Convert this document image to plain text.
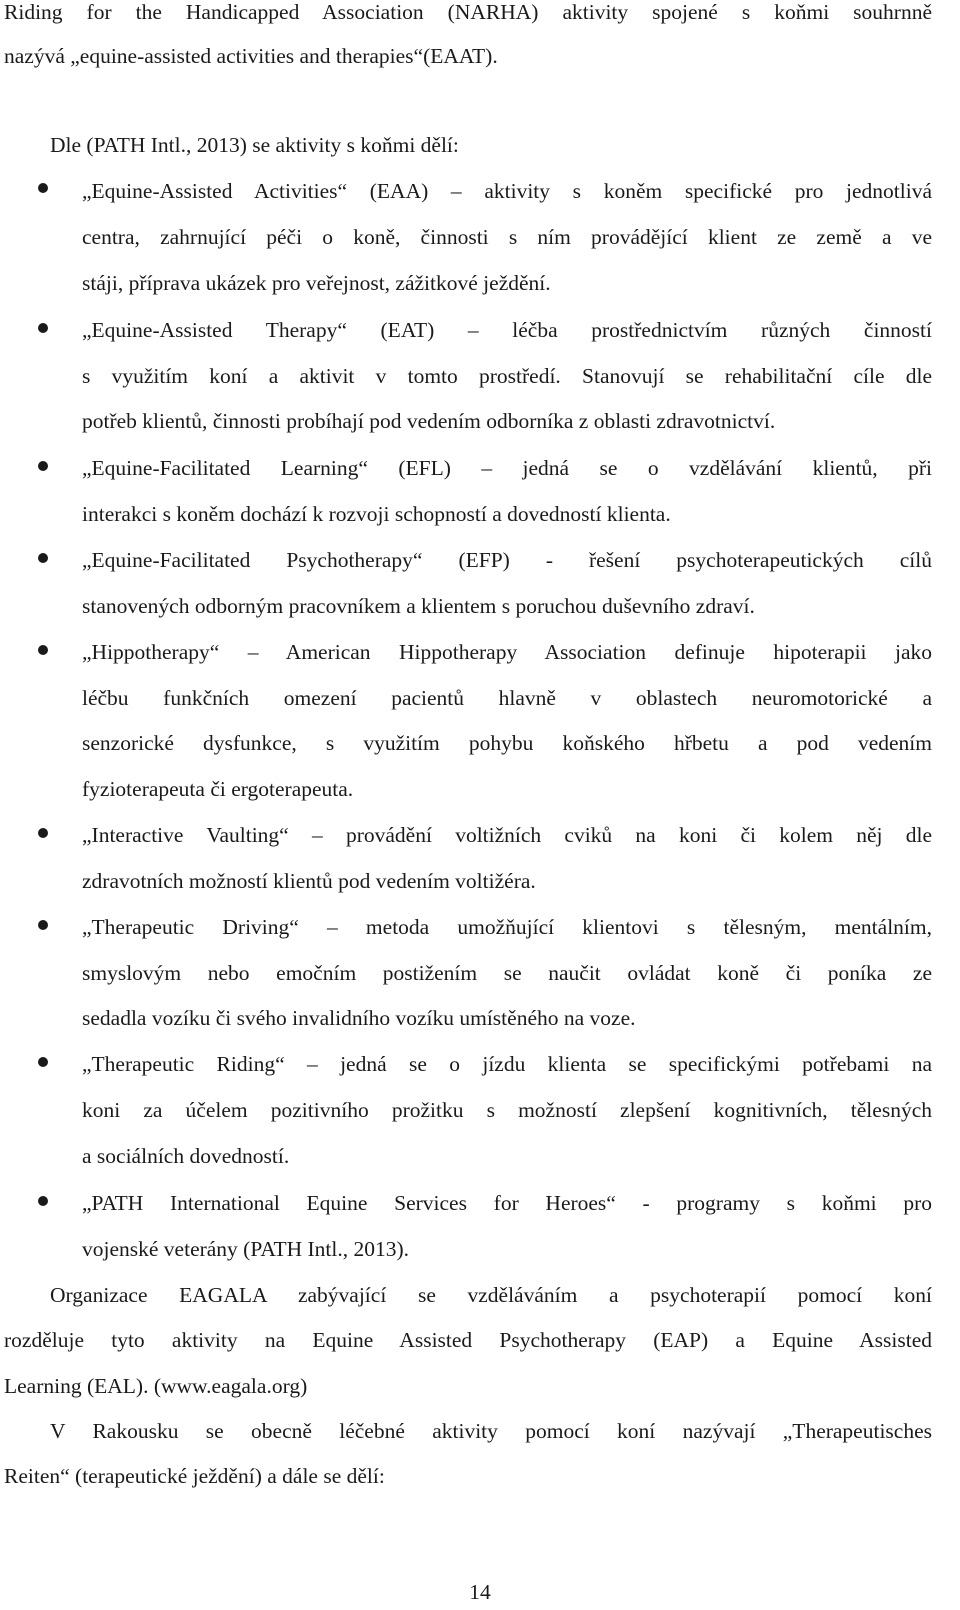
Riding for the Handicapped Association (NARHA) aktivity spojené s koňmi souhrnně
nazývá „equine-assisted activities and therapies“(EAAT).
Dle (PATH Intl., 2013) se aktivity s koňmi dělí:
„Equine-Assisted Activities“ (EAA) – aktivity s koněm specifické pro jednotlivá
centra, zahrnující péči o koně, činnosti s ním provádějící klient ze země a ve
stáji, příprava ukázek pro veřejnost, zážitkové ježdění.
„Equine-Assisted Therapy“ (EAT) – léčba prostřednictvím různých činností
s využitím koní a aktivit v tomto prostředí. Stanovují se rehabilitační cíle dle
potřeb klientů, činnosti probíhají pod vedením odborníka z oblasti zdravotnictví.
„Equine-Facilitated Learning“ (EFL) – jedná se o vzdělávání klientů, při
interakci s koněm dochází k rozvoji schopností a dovedností klienta.
„Equine-Facilitated Psychotherapy“ (EFP) - řešení psychoterapeutických cílů
stanovených odborným pracovníkem a klientem s poruchou duševního zdraví.
„Hippotherapy“ – American Hippotherapy Association definuje hipoterapii jako
léčbu funkčních omezení pacientů hlavně v oblastech neuromotorické a
senzorické dysfunkce, s využitím pohybu koňského hřbetu a pod vedením
fyzioterapeuta či ergoterapeuta.
„Interactive Vaulting“ – provádění voltižních cviků na koni či kolem něj dle
zdravotních možností klientů pod vedením voltižéra.
„Therapeutic Driving“ – metoda umožňující klientovi s tělesným, mentálním,
smyslovým nebo emočním postižením se naučit ovládat koně či poníka ze
sedadla vozíku či svého invalidního vozíku umístěného na voze.
„Therapeutic Riding“ – jedná se o jízdu klienta se specifickými potřebami na
koni za účelem pozitivního prožitku s možností zlepšení kognitivních, tělesných
a sociálních dovedností.
„PATH International Equine Services for Heroes“ - programy s koňmi pro
vojenské veterány (PATH Intl., 2013).
Organizace EAGALA zabývající se vzděláváním a psychoterapií pomocí koní
rozděluje tyto aktivity na Equine Assisted Psychotherapy (EAP) a Equine Assisted
Learning (EAL). (www.eagala.org)
V Rakousku se obecně léčebné aktivity pomocí koní nazývají „Therapeutisches
Reiten“ (terapeutické ježdění) a dále se dělí:
14
